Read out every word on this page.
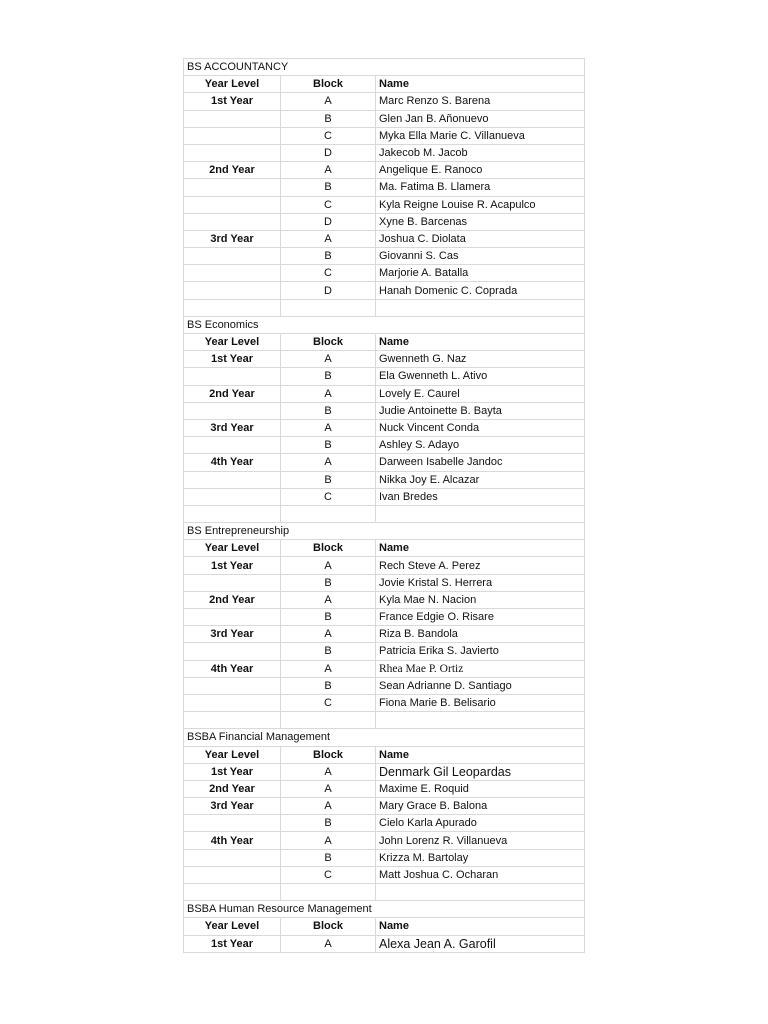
BS ACCOUNTANCY		
Year Level	Block	Name
1st Year	A	Marc Renzo S. Barena
	B	Glen Jan B. Añonuevo
	C	Myka Ella Marie C. Villanueva
	D	Jakecob M. Jacob
2nd Year	A	Angelique E. Ranoco
	B	Ma. Fatima B. Llamera
	C	Kyla Reigne Louise R. Acapulco
	D	Xyne B. Barcenas
3rd Year	A	Joshua C. Diolata
	B	Giovanni S. Cas
	C	Marjorie A. Batalla
	D	Hanah Domenic C. Coprada

BS Economics		
Year Level	Block	Name
1st Year	A	Gwenneth G. Naz
	B	Ela Gwenneth L. Ativo
2nd Year	A	Lovely E. Caurel
	B	Judie Antoinette B. Bayta
3rd Year	A	Nuck Vincent Conda
	B	Ashley S. Adayo
4th Year	A	Darween Isabelle Jandoc
	B	Nikka Joy E. Alcazar
	C	Ivan Bredes

BS Entrepreneurship		
Year Level	Block	Name
1st Year	A	Rech Steve A. Perez
	B	Jovie Kristal S. Herrera
2nd Year	A	Kyla Mae N. Nacion
	B	France Edgie O. Risare
3rd Year	A	Riza B. Bandola
	B	Patricia Erika S. Javierto
4th Year	A	Rhea Mae P. Ortiz
	B	Sean Adrianne D. Santiago
	C	Fiona Marie B. Belisario

BSBA Financial Management		
Year Level	Block	Name
1st Year	A	Denmark Gil Leopardas
2nd Year	A	Maxime E. Roquid
3rd Year	A	Mary Grace B. Balona
	B	Cielo Karla Apurado
4th Year	A	John Lorenz R. Villanueva
	B	Krizza M. Bartolay
	C	Matt Joshua C. Ocharan

BSBA Human Resource Management		
Year Level	Block	Name
1st Year	A	Alexa Jean A. Garofil
